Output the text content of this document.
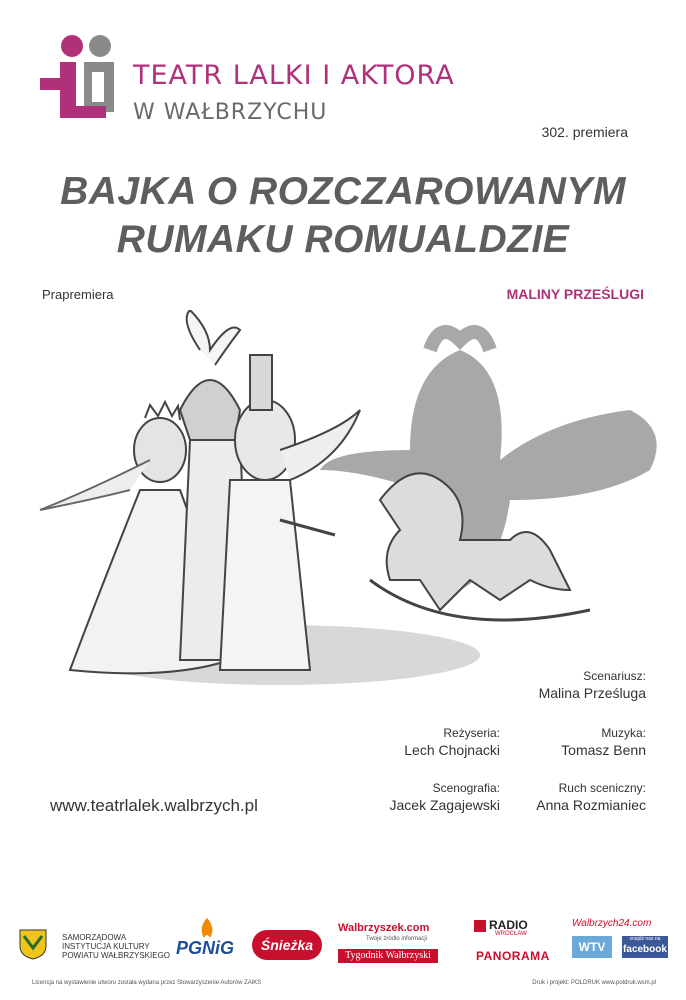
TEATR LALKI I AKTORA
W WAŁBRZYCHU
302. premiera
BAJKA O ROZCZAROWANYM
RUMAKU ROMUALDZIE
Prapremiera	MALINY PRZEŚLUGI
Scenariusz:
Malina Prześluga
Reżyseria:
Lech Chojnacki
Muzyka:
Tomasz Benn
Scenografia:
Jacek Zagajewski
Ruch sceniczny:
Anna Rozmianiec
www.teatrlalek.walbrzych.pl
SAMORZĄDOWA
INSTYTUCJA KULTURY
POWIATU WAŁBRZYSKIEGO PGNiG	Śnieżka
Walbrzyszek.com
Twoje źródło informacji
Tygodnik Wałbrzyski
RADIO
WROCŁAW
PANORAMA
Walbrzych24.com
WTV
znajdź nas na
facebook
Licencja na wystawienie utworu została wydana przez Stowarzyszenie Autorów ZAiKS	Druk i projekt: POLDRUK www.poldruk.wsm.pl
